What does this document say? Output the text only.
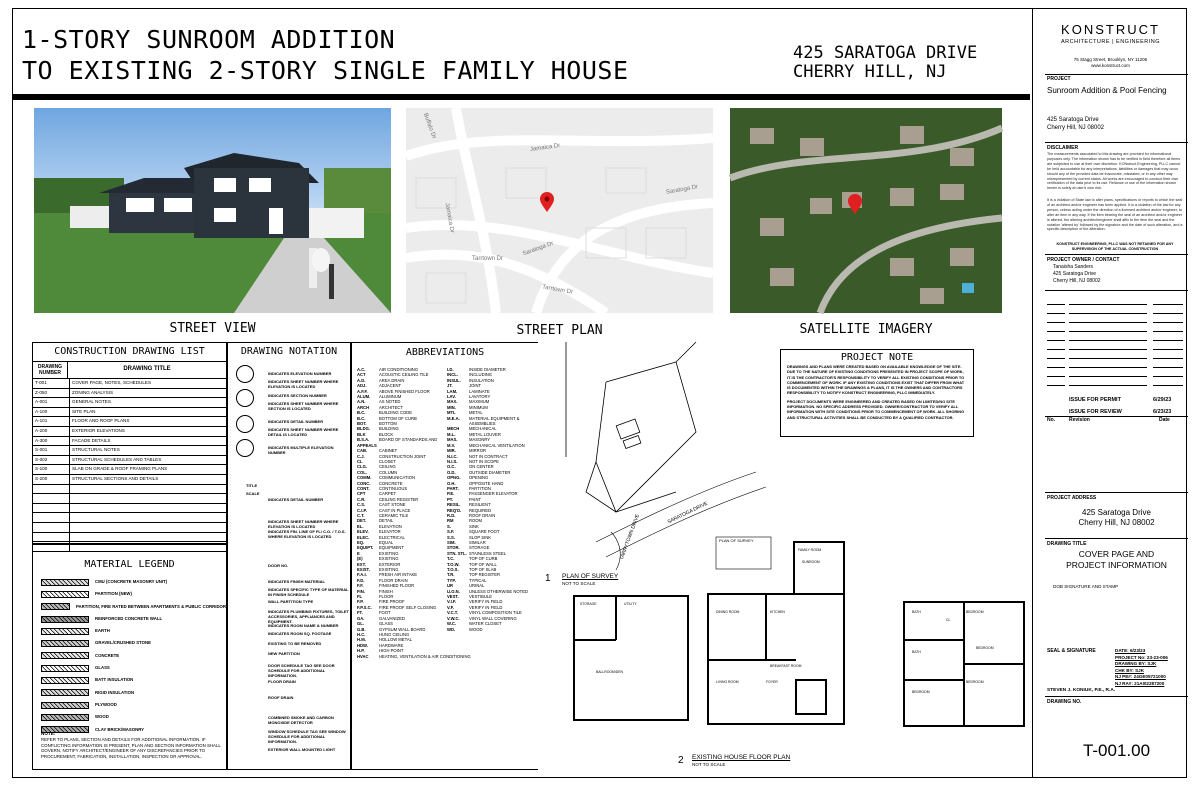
1-STORY SUNROOM ADDITION
TO EXISTING 2-STORY SINGLE FAMILY HOUSE
425 SARATOGA DRIVE
CHERRY HILL, NJ
Jamaica Dr
Saratoga Dr
Saratoga Dr
Tarrtown Dr
Tarrtown Dr
Buffalo Dr
Jamaica Dr
STREET VIEW	STREET PLAN	SATELLITE IMAGERY
CONSTRUCTION DRAWING LIST
DRAWING NUMBER
DRAWING TITLE
T-001	COVER PAGE, NOTES, SCHEDULES
Z-050	ZONING ANALYSIS
A-001	GENERAL NOTES
A-100	SITE PLAN
A-101	FLOOR AND ROOF PLANS
A-200	EXTERIOR ELEVATIONS
A-300	FACADE DETAILS
S-001	STRUCTURAL NOTES
S-002	STRUCTURAL SCHEDULES AND TABLES
S-100	SLAB ON GRADE & ROOF FRAMING PLANS
S-200	STRUCTURAL SECTIONS AND DETAILS
MATERIAL LEGEND
CMU (CONCRETE MASONRY UNIT)
PARTITION (NEW)
PARTITION, FIRE RATED BETWEEN APARTMENTS & PUBLIC CORRIDOR
REINFORCED CONCRETE WALL
EARTH
GRAVEL/CRUSHED STONE
CONCRETE
GLASS
BATT INSULATION
RIGID INSULATION
PLYWOOD
WOOD
CLAY BRICK/MASONRY
NOTE:
REFER TO PLANS, SECTION AND DETAILS FOR ADDITIONAL INFORMATION. IF CONFLICTING INFORMATION IS PRESENT, PLAN AND SECTION INFORMATION SHALL GOVERN. NOTIFY ARCHITECT/ENGINEER OF ANY DISCREPANCIES PRIOR TO PROCUREMENT, FABRICATION, INSTALLATION, INSPECTION OR APPROVAL.
DRAWING NOTATION
INDICATES ELEVATION NUMBER
INDICATES SHEET NUMBER WHERE ELEVATION IS LOCATED
INDICATES SECTION NUMBER
INDICATES SHEET NUMBER WHERE SECTION IS LOCATED
INDICATES DETAIL NUMBER
INDICATES SHEET NUMBER WHERE DETAIL IS LOCATED
INDICATES MULTIPLE ELEVATION NUMBER
TITLE
SCALE
INDICATES DETAIL NUMBER
INDICATES SHEET NUMBER WHERE ELEVATION IS LOCATED
INDICATES FIN. LINE OF FL/ C.O. / T.O.S. WHERE ELEVATION IS LOCATED
DOOR NO.
INDICATES FINISH MATERIAL
INDICATES SPECIFIC TYPE OF MATERIAL IN FINISH SCHEDULE
WALL PARTITION TYPE
INDICATES PLUMBING FIXTURES, TOILET ACCESSORIES, APPLIANCES AND EQUIPMENT.
INDICATES ROOM NAME & NUMBER
INDICATES ROOM SQ. FOOTAGE
EXISTING TO BE REMOVED
NEW PARTITION
DOOR SCHEDULE TAG SEE DOOR SCHEDULE FOR ADDITIONAL INFORMATION.
FLOOR DRAIN
ROOF DRAIN
COMBINED SMOKE AND CARBON MONOXIDE DETECTOR
WINDOW SCHEDULE TAG SEE WINDOW SCHEDULE FOR ADDITIONAL INFORMATION.
EXTERIOR WALL MOUNTED LIGHT
ABBREVIATIONS
A.C.	AIR CONDITIONING
ACT	ACOUSTIC CEILING TILE
A.D.	AREA DRAIN
ADJ.	ADJACENT
A.F.F.	ABOVE FINISHED FLOOR
ALUM.	ALUMINUM
A.N.	AS NOTED
ARCH	ARCHITECT
B.C.	BUILDING CODE
B.C.	BOTTOM OF CURB
BOT.	BOTTOM
BLDG.	BUILDING
BLK	BLOCK
B.S.A.	BOARD OF STANDARDS AND
APPEALS
CAB.	CABINET
C.J.	CONSTRUCTION JOINT
CL	CLOSET
CLG.	CEILING
COL.	COLUMN
COMM.	COMMUNICATION
CONC.	CONCRETE
CONT.	CONTINUOUS
CPT	CARPET
C.R.	CEILING REGISTER
C.S.	CAST STONE
C.I.P.	CAST IN PLACE
C.T.	CERAMIC TILE
DET.	DETAIL
EL.	ELEVATION
ELEV.	ELEVATOR
ELEC.	ELECTRICAL
EQ.	EQUAL
EQUIPT.	EQUIPMENT
E	EXISTING
(E)	EXISTING
EXT.	EXTERIOR
EXIST.	EXISTING
F.A.I.	FRESH AIR INTAKE
F.D.	FLOOR DRAIN
F.F.	FINISHED FLOOR
FIN.	FINISH
FL	FLOOR
F.P.	FIRE PROOF
F.P.S.C.	FIRE PROOF SELF CLOSING
FT.	FOOT
GA.	GALVANIZED
GL.	GLASS
G.B.	GYPSUM WALL BOARD
H.C.	HUNG CEILING
H.M.	HOLLOW METAL
HDW.	HARDWARE
H.P.	HIGH POINT
HVAC	HEATING, VENTILATION & AIR CONDITIONING
I.D.	INSIDE DIAMETER
INCL.	INCLUDING
INSUL.	INSULATION
JT.	JOINT
LAM.	LAMINATE
LAV.	LAVATORY
MAX.	MAXIMUM
MIN.	MINIMUM
MTL	METAL
M.E.A.	MATERIAL EQUIPMENT &
ASSEMBLIES
MECH	MECHANICAL
M.L.	METAL LOUVER
MAS.	MASONRY
M.V.	MECHANICAL VENTILATION
MIR.	MIRROR
N.I.C.	NOT IN CONTRACT
N.I.S.	NOT IN SCOPE
O.C.	ON CENTER
O.D.	OUTSIDE DIAMETER
OPNG.	OPENING
O.H.	OPPOSITE HAND
PART.	PARTITION
P.E.	PASSENGER ELEVATOR
PT.	PAINT
RESIL.	RESILIENT
REQ'D.	REQUIRED
R.D.	ROOF DRAIN
RM	ROOM
S.	SINK
S.F.	SQUARE FOOT
S.S.	SLOP SINK
SIM.	SIMILAR
STOR.	STORAGE
STN. STL. STAINLESS STEEL
T.C.	TOP OF CURB
T.O.W.	TOP OF WALL
T.O.S.	TOP OF SLAB
T.R.	TOP REGISTER
TYP.	TYPICAL
UR	URINAL
U.O.N.	UNLESS OTHERWISE NOTED
VEST.	VESTIBULE
V.I.F.	VERIFY IN FIELD
V.F.	VERIFY IN FIELD
V.C.T.	VINYL COMPOSITION TILE
V.W.C.	VINYL WALL COVERING
W.C.	WATER CLOSET
WD.	WOOD
SARATOGA DRIVE
TARRYTOWN DRIVE	PLAN OF SURVEY
1 PLAN OF SURVEY
NOT TO SCALE
PROJECT NOTE
DRAWINGS AND PLANS WERE CREATED BASED ON AVAILABLE KNOWLEDGE OF THE SITE. DUE TO THE NATURE OF EXISTING CONDITIONS PRESENTED IN PROJECT SCOPE OF WORK, IT IS THE CONTRACTOR'S RESPONSIBILITY TO VERIFY ALL EXISTING CONDITIONS PRIOR TO COMMENCEMENT OF WORK. IF ANY EXISTING CONDITIONS EXIST THAT DIFFER FROM WHAT IS DOCUMENTED WITHIN THE DRAWINGS & PLANS, IT IS THE OWNERS AND CONTRACTORS RESPONSIBILITY TO NOTIFY KONSTRUCT ENGINEERING, PLLC IMMEDIATELY.
PROJECT DOCUMENTS WERE ENGINEERED AND CREATED BASED ON LIMITED/NO SITE INFORMATION. NO SPECIFIC ADDRESS PROVIDED. OWNER/CONTRACTOR TO VERIFY ALL INFORMATION WITH SITE CONDITIONS PRIOR TO COMMENCEMENT OF WORK. ALL SHORING AND STRUCTURAL ACTIVITIES SHALL BE CONDUCTED BY A QUALIFIED CONTRACTOR.
STORAGE	UTILITY
BALLROOM/DEN
DINING ROOM	KITCHEN
FAMILY ROOM
LIVING ROOM
BREAKFAST ROOM
SUNROOM
FOYER
BEDROOM
BEDROOM
BEDROOM
BEDROOM
BATH
BATH
CL
2 EXISTING HOUSE FLOOR PLAN
NOT TO SCALE
KONSTRUCT
ARCHITECTURE | ENGINEERING
75 Stagg Street, Brooklyn, NY 11206
www.konstruct.com
PROJECT
Sunroom Addition & Pool Fencing
425 Saratoga Drive
Cherry Hill, NJ 08002
DISCLAIMER
The measurements associated to this drawing are provided for informational purposes only. The information shown has to be verified in field therefore all items are subjected to use at their own discretion. KONstruct Engineering, PLLC cannot be held accountable for any interpretations, liabilities or damages that may occur should any of the provided data be inaccurate, misstated, or in any other way misrepresented by current status. All works are encouraged to conduct their own verification of the data prior to its use. Reliance or use of the information shown herein is solely at user's own risk.
It is a violation of State law to alter plans, specifications or reports to which the seal of an architect and/or engineer has been applied. It is a violation of the law for any person, unless acting under the direction of a licensed architect and/or engineer, to alter an item in any way. If the item bearing the seal of an architect and/or engineer is altered, the altering architect/engineer shall affix to the item the seal and the notation 'altered by' followed by the signature and the date of such alteration, and a specific description of the alteration.
KONSTRUCT ENGINEERING, PLLC WAS NOT RETAINED FOR ANY SUPERVISION OF THE ACTUAL CONSTRUCTION
PROJECT OWNER / CONTACT
Tanaisha Sanders
425 Saratoga Drive
Cherry Hill, NJ 08002
ISSUE FOR PERMIT	6/29/23
ISSUE FOR REVIEW	6/23/23
No.	Revision	Date
PROJECT ADDRESS
425 Saratoga Drive
Cherry Hill, NJ 08002
DRAWING TITLE
COVER PAGE AND PROJECT INFORMATION
DOB SIGNATURE AND STAMP
SEAL & SIGNATURE	DATE: 6/23/23
PROJECT No: 23-23-006
DRAWING BY: SJK
CHK BY: SJK
NJ PE#: 24GE05721000
NJ RA#: 21AI02287200
STEVEN J. KONIUK, P.E., R.A.
DRAWING NO.
T-001.00
